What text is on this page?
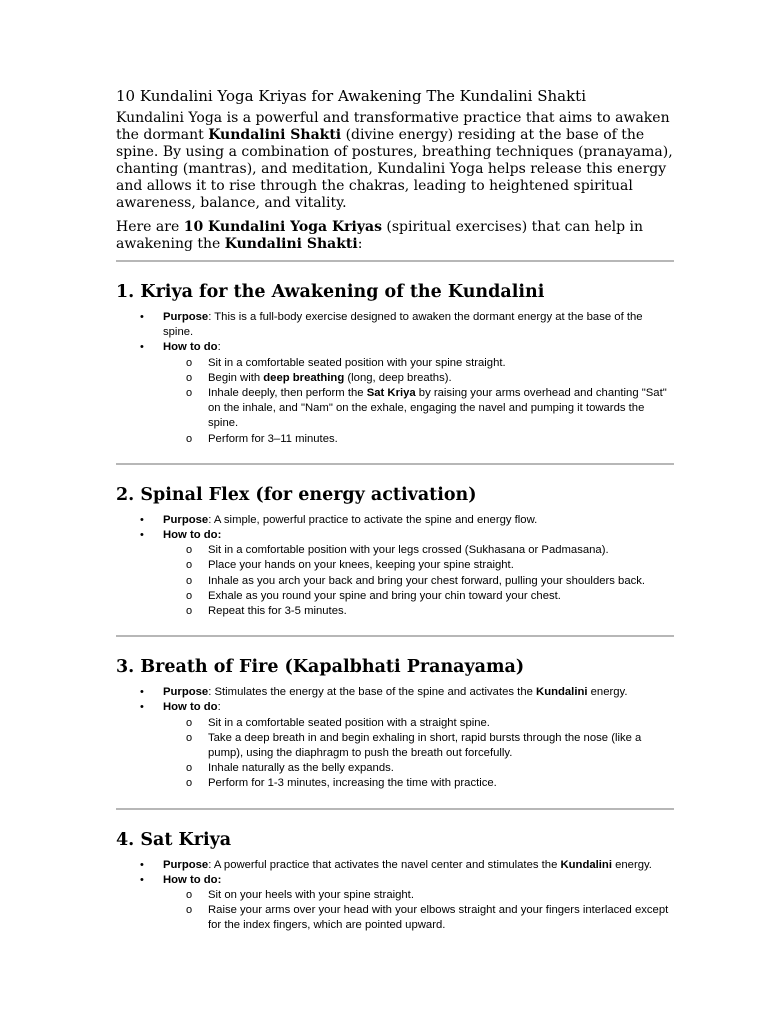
10 Kundalini Yoga Kriyas for Awakening The Kundalini Shakti

Kundalini Yoga is a powerful and transformative practice that aims to awaken the dormant Kundalini Shakti (divine energy) residing at the base of the spine. By using a combination of postures, breathing techniques (pranayama), chanting (mantras), and meditation, Kundalini Yoga helps release this energy and allows it to rise through the chakras, leading to heightened spiritual awareness, balance, and vitality.

Here are 10 Kundalini Yoga Kriyas (spiritual exercises) that can help in awakening the Kundalini Shakti:

1. Kriya for the Awakening of the Kundalini
• Purpose: This is a full-body exercise designed to awaken the dormant energy at the base of the spine.
• How to do:
o Sit in a comfortable seated position with your spine straight.
o Begin with deep breathing (long, deep breaths).
o Inhale deeply, then perform the Sat Kriya by raising your arms overhead and chanting "Sat" on the inhale, and "Nam" on the exhale, engaging the navel and pumping it towards the spine.
o Perform for 3–11 minutes.
2. Spinal Flex (for energy activation)
• Purpose: A simple, powerful practice to activate the spine and energy flow.
• How to do:
o Sit in a comfortable position with your legs crossed (Sukhasana or Padmasana).
o Place your hands on your knees, keeping your spine straight.
o Inhale as you arch your back and bring your chest forward, pulling your shoulders back.
o Exhale as you round your spine and bring your chin toward your chest.
o Repeat this for 3-5 minutes.
3. Breath of Fire (Kapalbhati Pranayama)
• Purpose: Stimulates the energy at the base of the spine and activates the Kundalini energy.
• How to do:
o Sit in a comfortable seated position with a straight spine.
o Take a deep breath in and begin exhaling in short, rapid bursts through the nose (like a pump), using the diaphragm to push the breath out forcefully.
o Inhale naturally as the belly expands.
o Perform for 1-3 minutes, increasing the time with practice.
4. Sat Kriya
• Purpose: A powerful practice that activates the navel center and stimulates the Kundalini energy.
• How to do:
o Sit on your heels with your spine straight.
o Raise your arms over your head with your elbows straight and your fingers interlaced except for the index fingers, which are pointed upward.
